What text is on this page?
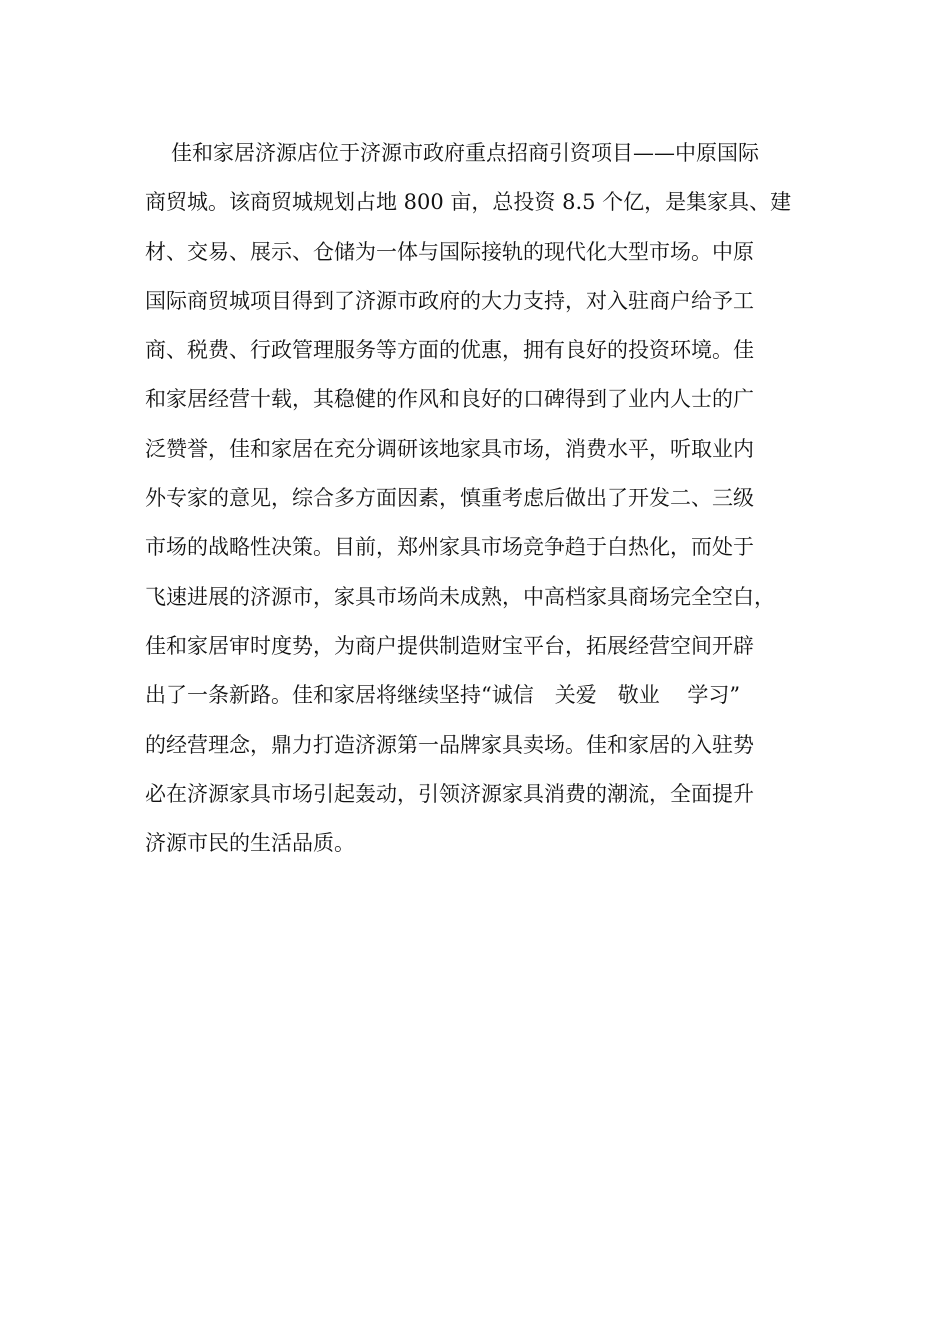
佳和家居济源店位于济源市政府重点招商引资项目——中原国际
商贸城。该商贸城规划占地 800 亩，总投资 8.5 个亿，是集家具、建
材、交易、展示、仓储为一体与国际接轨的现代化大型市场。中原
国际商贸城项目得到了济源市政府的大力支持，对入驻商户给予工
商、税费、行政管理服务等方面的优惠，拥有良好的投资环境。佳
和家居经营十载，其稳健的作风和良好的口碑得到了业内人士的广
泛赞誉，佳和家居在充分调研该地家具市场，消费水平，听取业内
外专家的意见，综合多方面因素，慎重考虑后做出了开发二、三级
市场的战略性决策。目前，郑州家具市场竞争趋于白热化，而处于
飞速进展的济源市，家具市场尚未成熟，中高档家具商场完全空白，
佳和家居审时度势，为商户提供制造财宝平台，拓展经营空间开辟
出了一条新路。佳和家居将继续坚持“诚信　关爱　敬业　 学习”
的经营理念，鼎力打造济源第一品牌家具卖场。佳和家居的入驻势
必在济源家具市场引起轰动，引领济源家具消费的潮流，全面提升
济源市民的生活品质。
